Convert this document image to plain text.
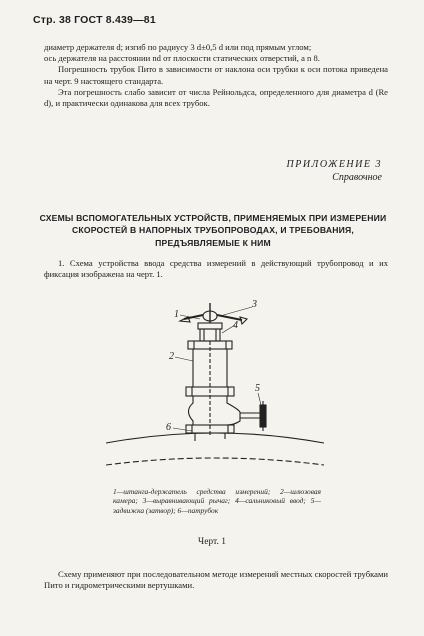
Стр. 38 ГОСТ 8.439—81
диаметр держателя d; изгиб по радиусу 3 d±0,5 d или под прямым углом;
ось держателя на расстоянии nd от плоскости статических отверстий, а n 8.
Погрешность трубок Пито в зависимости от наклона оси трубки к оси потока приведена на черт. 9 настоящего стандарта.
Эта погрешность слабо зависит от числа Рейнольдса, определенного для диаметра d (Re d), и практически одинакова для всех трубок.
ПРИЛОЖЕНИЕ 3
Справочное
СХЕМЫ ВСПОМОГАТЕЛЬНЫХ УСТРОЙСТВ, ПРИМЕНЯЕМЫХ ПРИ ИЗМЕРЕНИИ СКОРОСТЕЙ В НАПОРНЫХ ТРУБОПРОВОДАХ, И ТРЕБОВАНИЯ, ПРЕДЪЯВЛЯЕМЫЕ К НИМ
1. Схема устройства ввода средства измерений в действующий трубопровод и их фиксация изображена на черт. 1.
1
2
3
4
5
6
1—штанга-держатель средства измерений; 2—шлюзовая камера; 3—выравнивающий рычаг; 4—сальниковый ввод; 5—задвижка (затвор); 6—патрубок
Черт. 1
Схему применяют при последовательном методе измерений местных скоростей трубками Пито и гидрометрическими вертушками.
